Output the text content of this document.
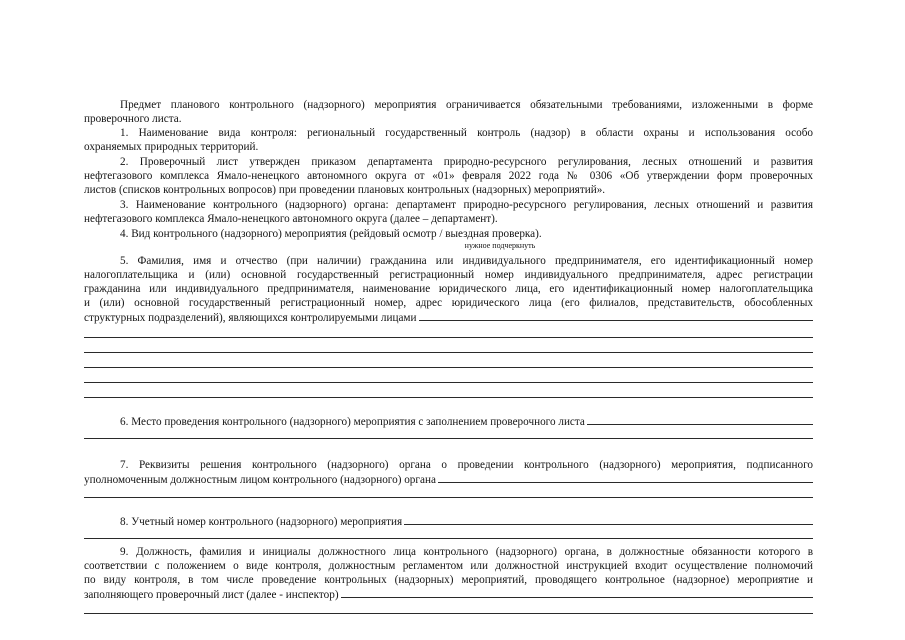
Предмет планового контрольного (надзорного) мероприятия ограничивается обязательными требованиями, изложенными в форме
проверочного листа.
1. Наименование вида контроля: региональный государственный контроль (надзор) в области охраны и использования особо
охраняемых природных территорий.
2. Проверочный лист утвержден приказом департамента природно-ресурсного регулирования, лесных отношений и развития
нефтегазового комплекса Ямало-ненецкого автономного округа от «01» февраля 2022 года № 0306 «Об утверждении форм проверочных
листов (списков контрольных вопросов) при проведении плановых контрольных (надзорных) мероприятий».
3. Наименование контрольного (надзорного) органа: департамент природно-ресурсного регулирования, лесных отношений и развития
нефтегазового комплекса Ямало-ненецкого автономного округа (далее – департамент).
4. Вид контрольного (надзорного) мероприятия (рейдовый осмотр / выездная проверка).
нужное подчеркнуть
5. Фамилия, имя и отчество (при наличии) гражданина или индивидуального предпринимателя, его идентификационный номер
налогоплательщика и (или) основной государственный регистрационный номер индивидуального предпринимателя, адрес регистрации
гражданина или индивидуального предпринимателя, наименование юридического лица, его идентификационный номер налогоплательщика
и (или) основной государственный регистрационный номер, адрес юридического лица (его филиалов, представительств, обособленных
структурных подразделений), являющихся контролируемыми лицами
6. Место проведения контрольного (надзорного) мероприятия с заполнением проверочного листа
7. Реквизиты решения контрольного (надзорного) органа о проведении контрольного (надзорного) мероприятия, подписанного
уполномоченным должностным лицом контрольного (надзорного) органа
8. Учетный номер контрольного (надзорного) мероприятия
9. Должность, фамилия и инициалы должностного лица контрольного (надзорного) органа, в должностные обязанности которого в
соответствии с положением о виде контроля, должностным регламентом или должностной инструкцией входит осуществление полномочий
по виду контроля, в том числе проведение контрольных (надзорных) мероприятий, проводящего контрольное (надзорное) мероприятие и
заполняющего проверочный лист (далее - инспектор)
